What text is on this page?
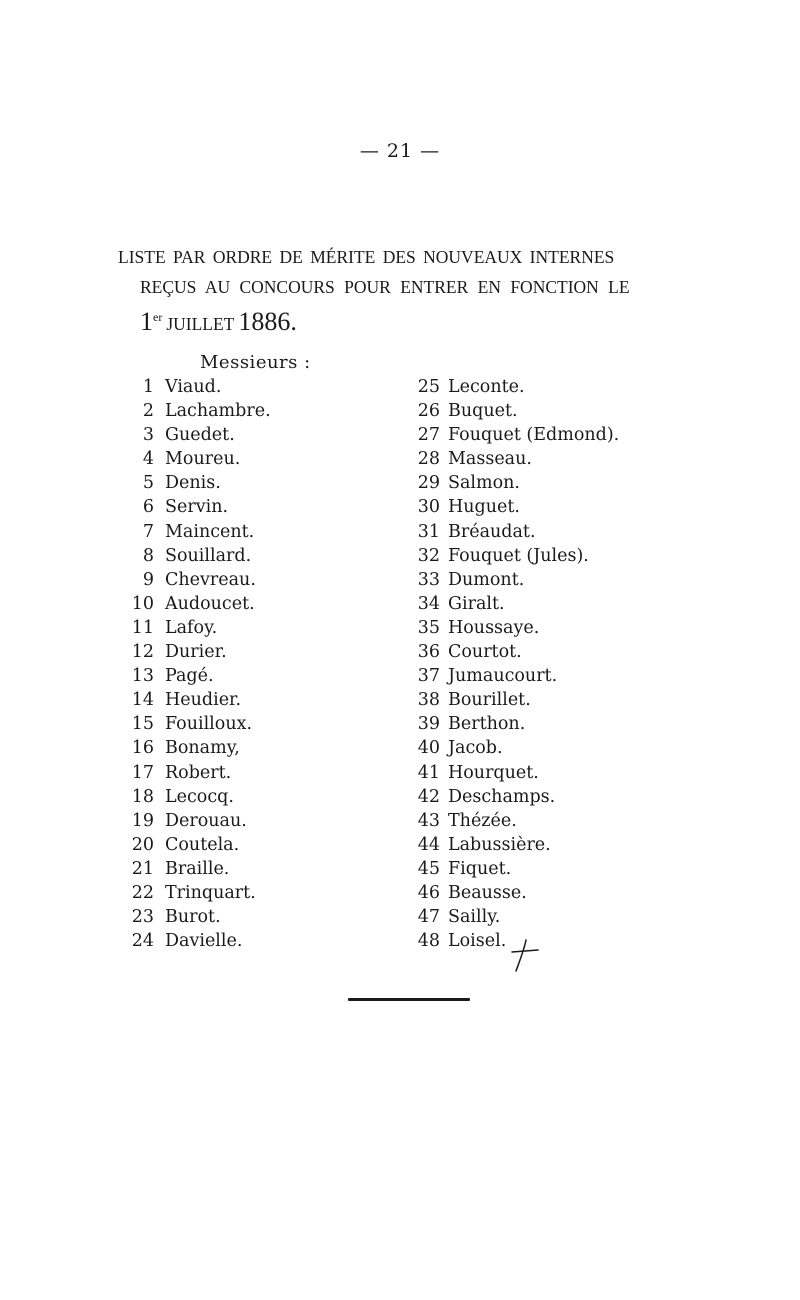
— 21 —
LISTE PAR ORDRE DE MÉRITE DES NOUVEAUX INTERNES
REÇUS AU CONCOURS POUR ENTRER EN FONCTION LE
1er JUILLET 1886.
Messieurs :
1 Viaud.
2 Lachambre.
3 Guedet.
4 Moureu.
5 Denis.
6 Servin.
7 Maincent.
8 Souillard.
9 Chevreau.
10 Audoucet.
11 Lafoy.
12 Durier.
13 Pagé.
14 Heudier.
15 Fouilloux.
16 Bonamy,
17 Robert.
18 Lecocq.
19 Derouau.
20 Coutela.
21 Braille.
22 Trinquart.
23 Burot.
24 Davielle.
25 Leconte.
26 Buquet.
27 Fouquet (Edmond).
28 Masseau.
29 Salmon.
30 Huguet.
31 Bréaudat.
32 Fouquet (Jules).
33 Dumont.
34 Giralt.
35 Houssaye.
36 Courtot.
37 Jumaucourt.
38 Bourillet.
39 Berthon.
40 Jacob.
41 Hourquet.
42 Deschamps.
43 Thézée.
44 Labussière.
45 Fiquet.
46 Beausse.
47 Sailly.
48 Loisel.
